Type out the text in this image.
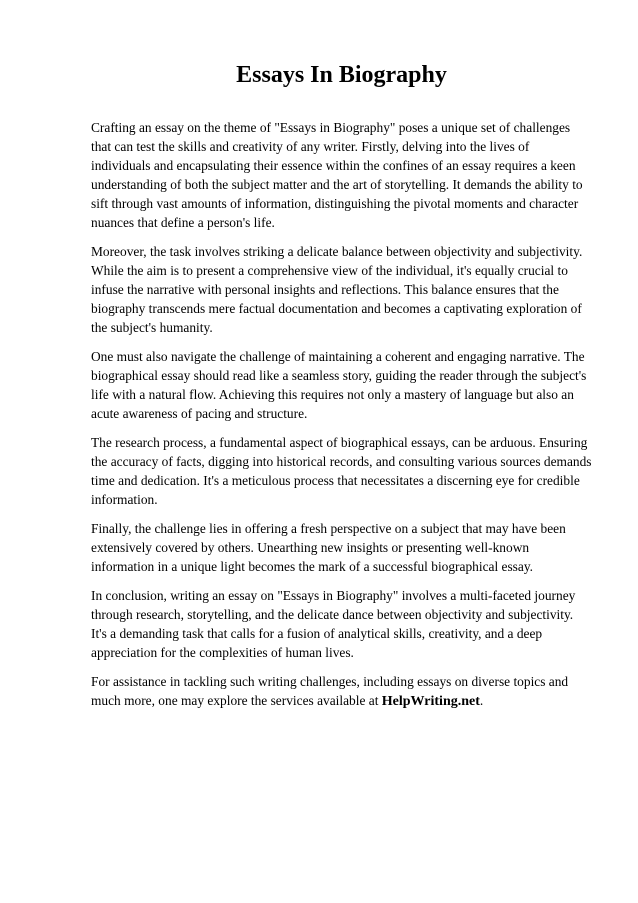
Essays In Biography

Crafting an essay on the theme of "Essays in Biography" poses a unique set of challenges that can test the skills and creativity of any writer. Firstly, delving into the lives of individuals and encapsulating their essence within the confines of an essay requires a keen understanding of both the subject matter and the art of storytelling. It demands the ability to sift through vast amounts of information, distinguishing the pivotal moments and character nuances that define a person's life.

Moreover, the task involves striking a delicate balance between objectivity and subjectivity. While the aim is to present a comprehensive view of the individual, it's equally crucial to infuse the narrative with personal insights and reflections. This balance ensures that the biography transcends mere factual documentation and becomes a captivating exploration of the subject's humanity.

One must also navigate the challenge of maintaining a coherent and engaging narrative. The biographical essay should read like a seamless story, guiding the reader through the subject's life with a natural flow. Achieving this requires not only a mastery of language but also an acute awareness of pacing and structure.

The research process, a fundamental aspect of biographical essays, can be arduous. Ensuring the accuracy of facts, digging into historical records, and consulting various sources demands time and dedication. It's a meticulous process that necessitates a discerning eye for credible information.

Finally, the challenge lies in offering a fresh perspective on a subject that may have been extensively covered by others. Unearthing new insights or presenting well-known information in a unique light becomes the mark of a successful biographical essay.

In conclusion, writing an essay on "Essays in Biography" involves a multi-faceted journey through research, storytelling, and the delicate dance between objectivity and subjectivity. It's a demanding task that calls for a fusion of analytical skills, creativity, and a deep appreciation for the complexities of human lives.

For assistance in tackling such writing challenges, including essays on diverse topics and much more, one may explore the services available at HelpWriting.net.
